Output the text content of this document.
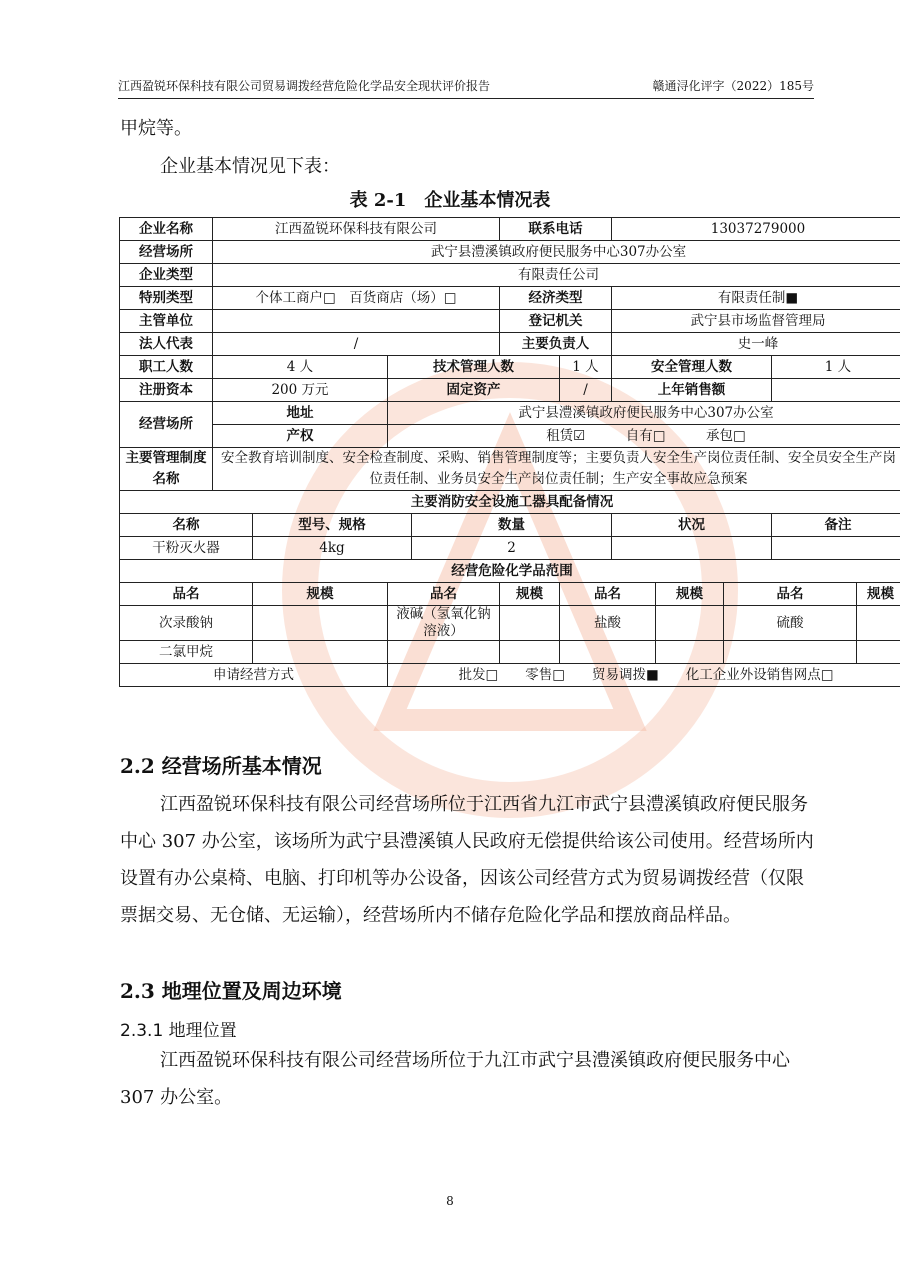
江西盈锐环保科技有限公司贸易调拨经营危险化学品安全现状评价报告	赣通浔化评字（2022）185号
甲烷等。
企业基本情况见下表：
表 2-1　企业基本情况表
企业名称	江西盈锐环保科技有限公司				联系电话		13037279000				
经营场所	武宁县澧溪镇政府便民服务中心307办公室										
企业类型	有限责任公司										
特别类型	个体工商户□　百货商店（场）□				经济类型		有限责任制■				
主管单位					登记机关		武宁县市场监督管理局				
法人代表	/				主要负责人		史一峰				
职工人数	4 人		技术管理人数			1 人	安全管理人数			1 人	
注册资本	200 万元		固定资产			/	上年销售额				
经营场所	地址		武宁县澧溪镇政府便民服务中心307办公室								
	产权		租赁☑　　　自有□　　　承包□								
主要管理制度名称	安全教育培训制度、安全检查制度、采购、销售管理制度等；主要负责人安全生产岗位责任制、安全员安全生产岗位责任制、业务员安全生产岗位责任制；生产安全事故应急预案										
主要消防安全设施工器具配备情况											
名称		型号、规格		数量			状况			备注	
干粉灭火器		4kg		2							
经营危险化学品范围											
品名		规模	品名		规模	品名		规模	品名		规模
次录酸钠			液碱（氢氧化钠溶液）			盐酸			硫酸		
二氯甲烷											
申请经营方式			批发□　　零售□　　贸易调拨■　　化工企业外设销售网点□								
2.2 经营场所基本情况
江西盈锐环保科技有限公司经营场所位于江西省九江市武宁县澧溪镇政府便民服务中心 307 办公室，该场所为武宁县澧溪镇人民政府无偿提供给该公司使用。经营场所内设置有办公桌椅、电脑、打印机等办公设备，因该公司经营方式为贸易调拨经营（仅限票据交易、无仓储、无运输），经营场所内不储存危险化学品和摆放商品样品。
2.3 地理位置及周边环境
2.3.1 地理位置
江西盈锐环保科技有限公司经营场所位于九江市武宁县澧溪镇政府便民服务中心 307 办公室。
8
